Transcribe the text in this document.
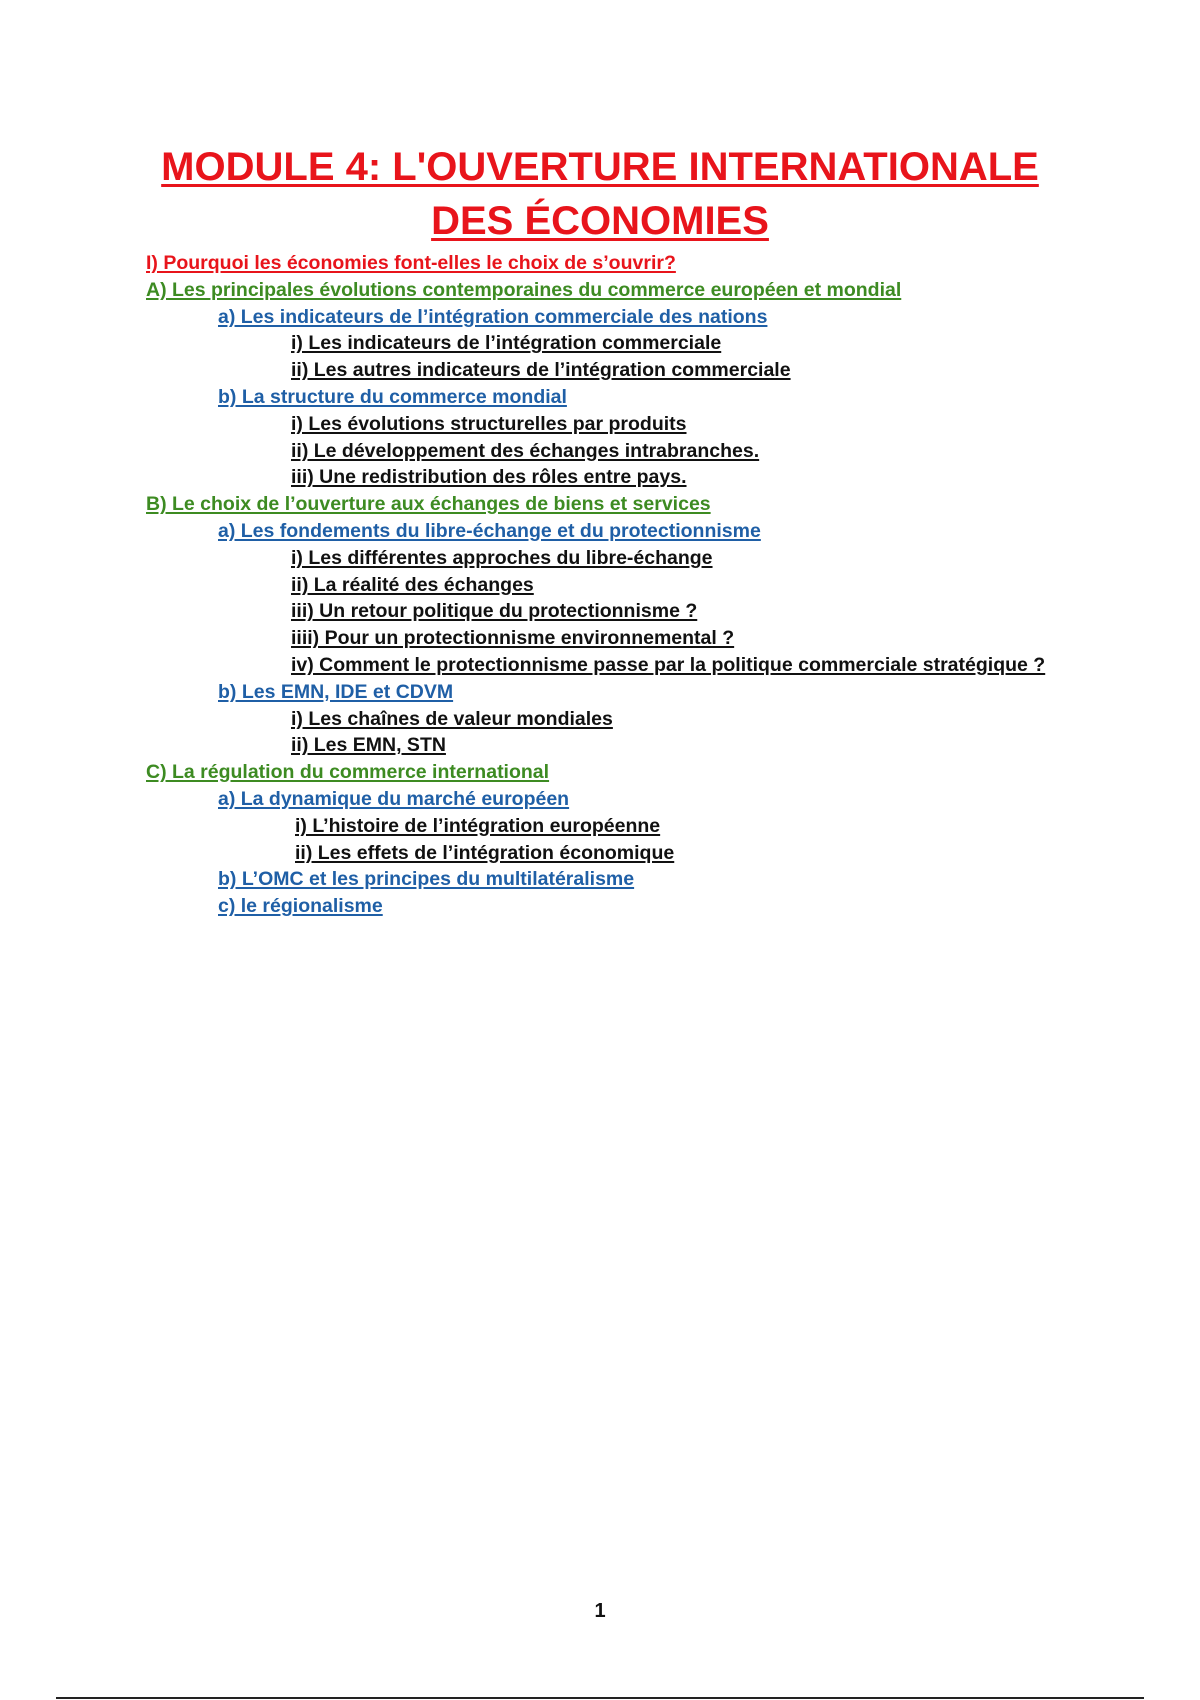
MODULE 4: L'OUVERTURE INTERNATIONALE
DES ÉCONOMIES
I) Pourquoi les économies font-elles le choix de s’ouvrir?
A) Les principales évolutions contemporaines du commerce européen et mondial
a) Les indicateurs de l’intégration commerciale des nations
i) Les indicateurs de l’intégration commerciale
ii) Les autres indicateurs de l’intégration commerciale
b) La structure du commerce mondial
i) Les évolutions structurelles par produits
ii) Le développement des échanges intrabranches.
iii) Une redistribution des rôles entre pays.
B) Le choix de l’ouverture aux échanges de biens et services
a) Les fondements du libre-échange et du protectionnisme
i) Les différentes approches du libre-échange
ii) La réalité des échanges
iii) Un retour politique du protectionnisme ?
iiii) Pour un protectionnisme environnemental ?
iv) Comment le protectionnisme passe par la politique commerciale stratégique ?
b) Les EMN, IDE et CDVM
i) Les chaînes de valeur mondiales
ii) Les EMN, STN
C) La régulation du commerce international
a) La dynamique du marché européen
i) L’histoire de l’intégration européenne
ii) Les effets de l’intégration économique
b) L’OMC et les principes du multilatéralisme
c) le régionalisme
1
